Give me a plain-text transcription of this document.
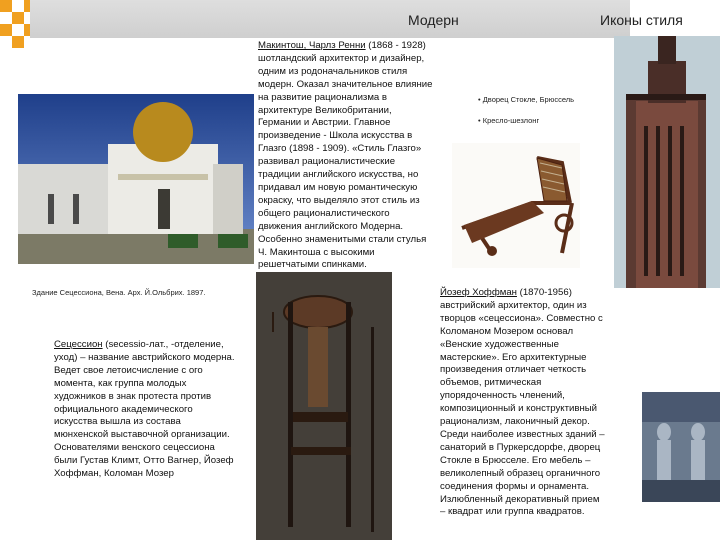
Модерн	Иконы стиля
Здание Сецессиона, Вена. Арх. Й.Ольбрих. 1897.
Сецессион (secessio-лат., -отделение,
уход) – название австрийского модерна.
Ведет свое летоисчисление с ого
момента, как группа молодых
художников в знак протеста против
официального академического
искусства вышла из состава
мюнхенской выставочной организации.
Основателями венского сецессиона
были Густав Климт, Отто Вагнер, Йозеф
Хоффман, Коломан Мозер
Макинтош, Чарлз Ренни (1868 - 1928)
шотландский архитектор и дизайнер,
одним из родоначальников стиля
модерн. Оказал значительное влияние
на развитие рационализма в
архитектуре Великобритании,
Германии и Австрии. Главное
произведение - Школа искусства в
Глазго (1898 - 1909). «Стиль Глазго»
развивал рационалистические
традиции английского искусства, но
придавал им новую романтическую
окраску, что выделяло этот стиль из
общего рационалистического
движения английского Модерна.
Особенно знаменитыми стали стулья
Ч. Макинтоша с высокими
решетчатыми спинками.
• Дворец Стокле, Брюссель
• Кресло-шезлонг
Йозеф Хоффман (1870-1956)
австрийский архитектор, один из
творцов «сецессиона». Совместно с
Коломаном Мозером основал
«Венские художественные
мастерские». Его архитектурные
произведения отличает четкость
объемов, ритмическая
упорядоченность членений,
композиционный и конструктивный
рационализм, лаконичный декор.
Среди наиболее известных зданий –
санаторий в Пуркерсдорфе, дворец
Стокле в Брюсселе. Его мебель –
великолепный образец органичного
соединения формы и орнамента.
Излюбленный декоративный прием
– квадрат или группа квадратов.
